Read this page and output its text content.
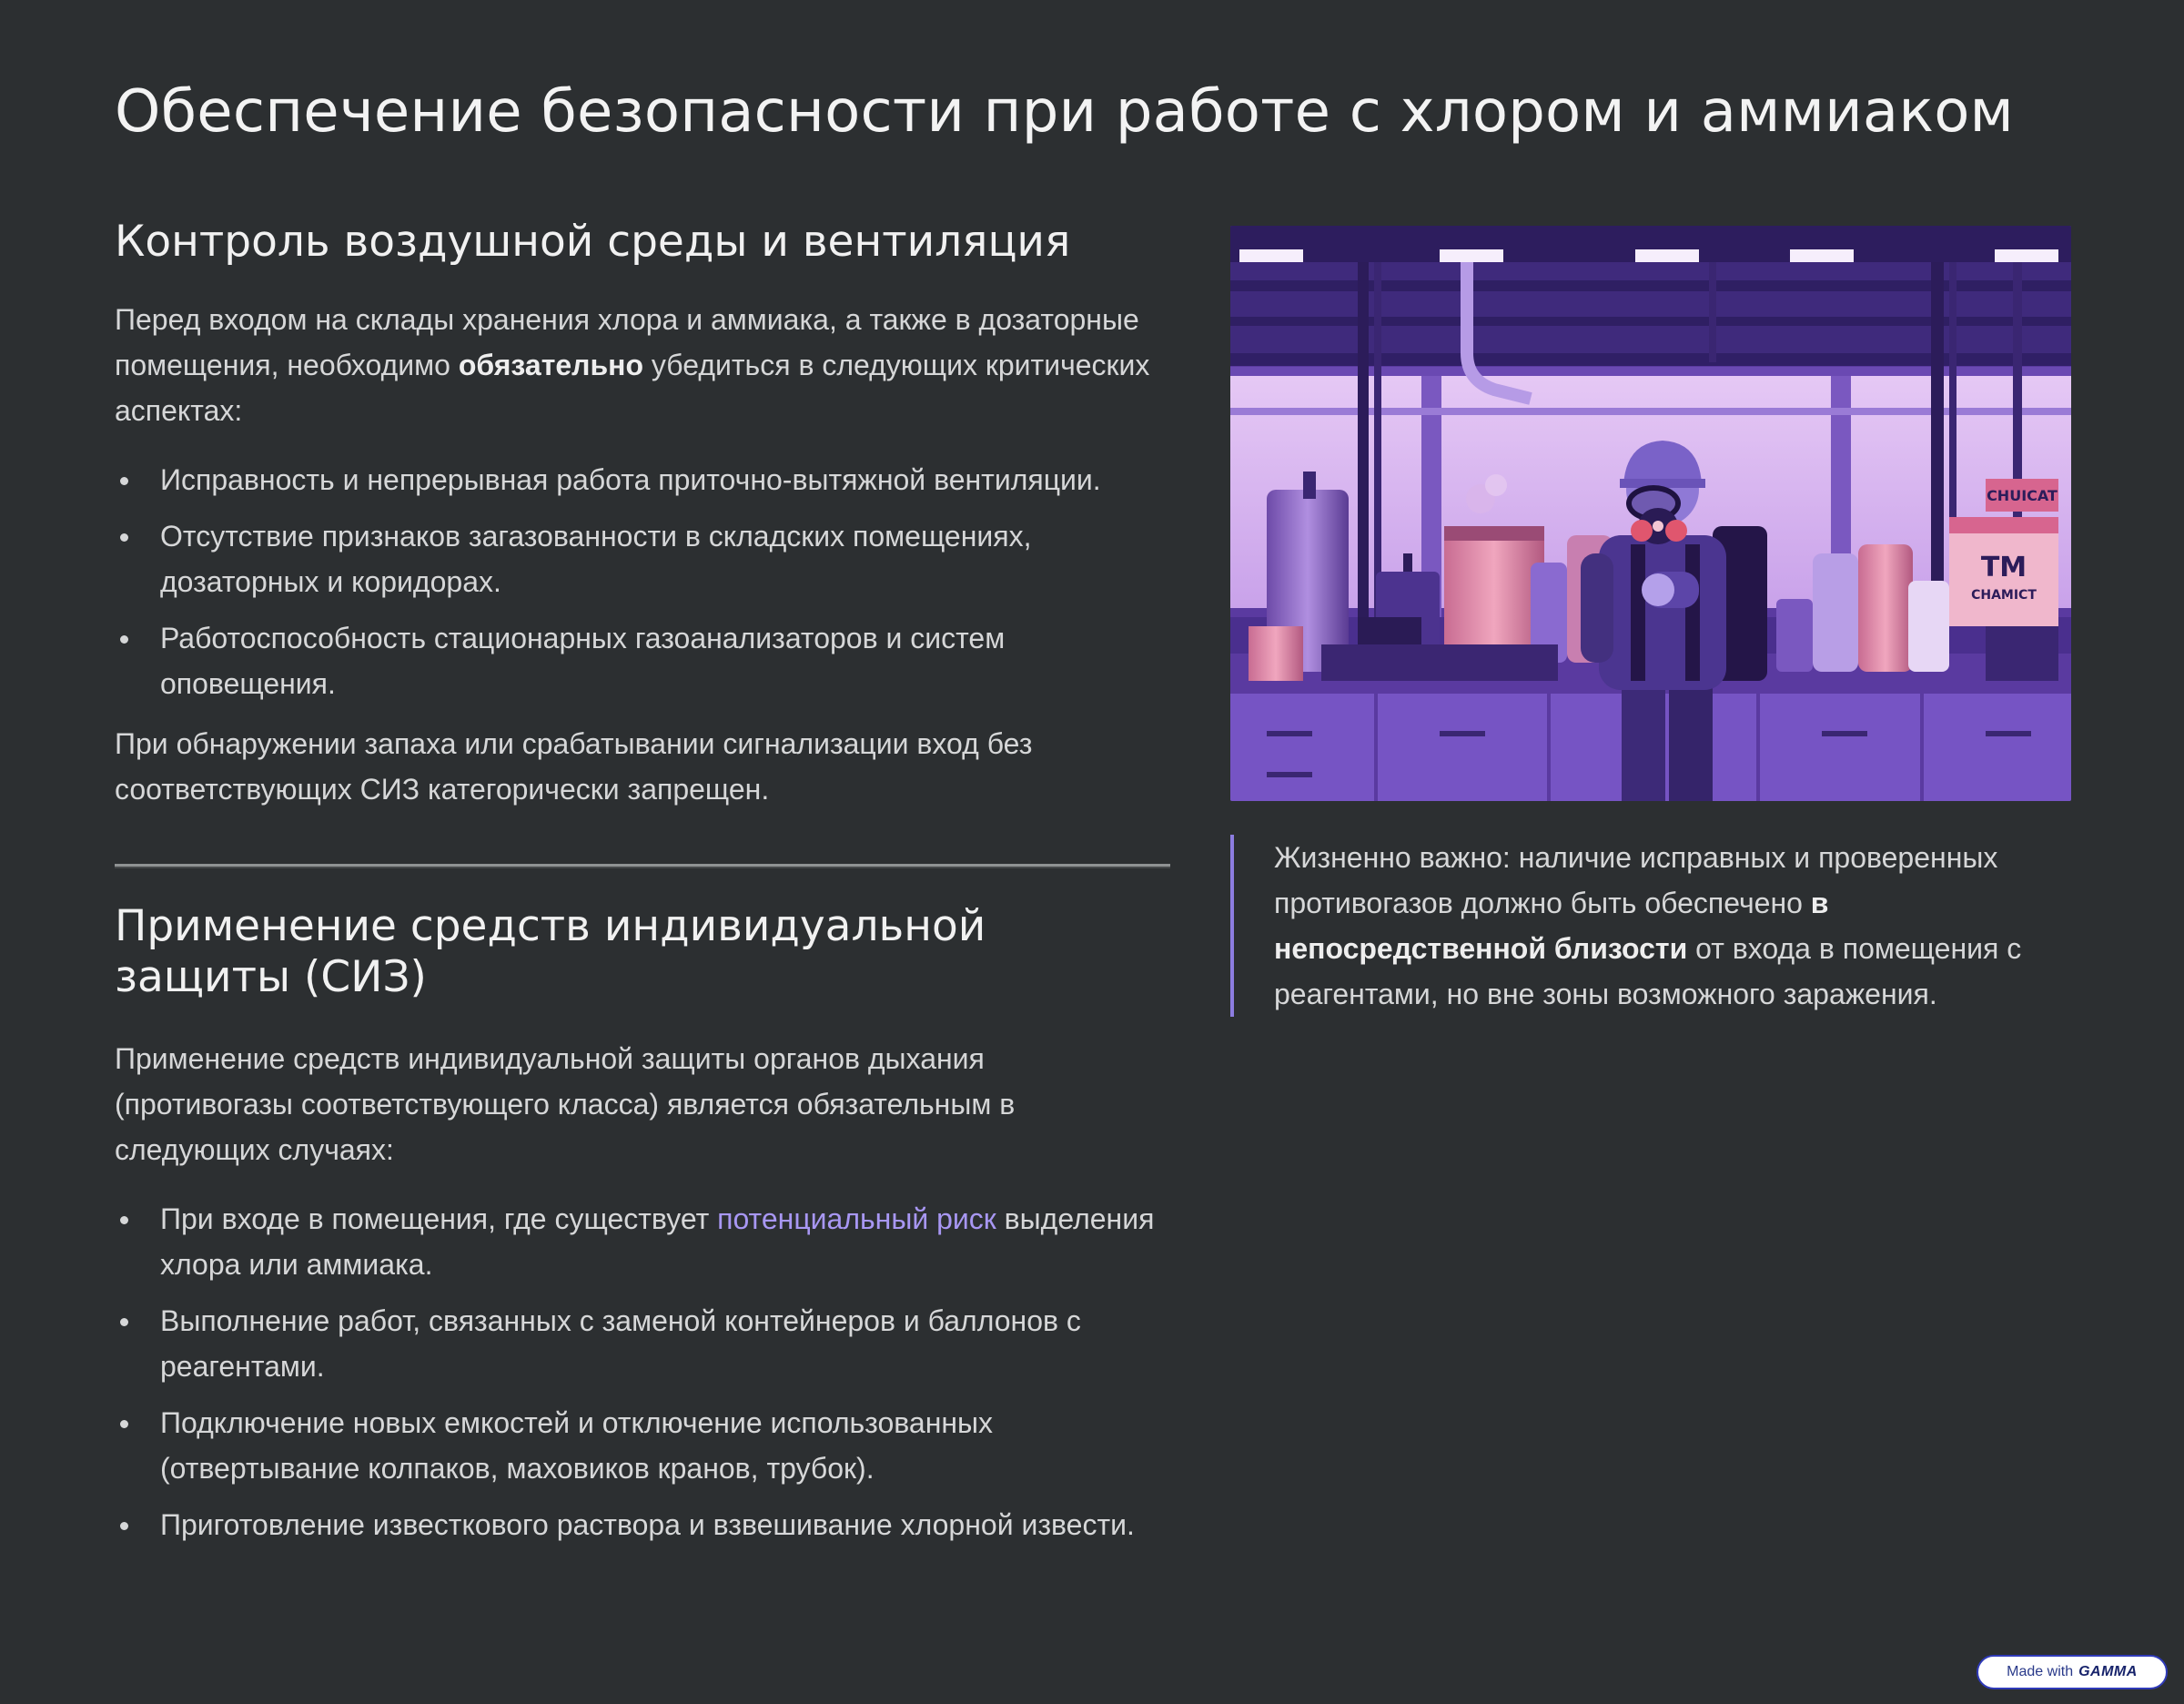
Обеспечение безопасности при работе с хлором и аммиаком
Контроль воздушной среды и вентиляция

Перед входом на склады хранения хлора и аммиака, а также в дозаторные помещения, необходимо обязательно убедиться в следующих критических аспектах:

Исправность и непрерывная работа приточно-вытяжной вентиляции.
Отсутствие признаков загазованности в складских помещениях, дозаторных и коридорах.
Работоспособность стационарных газоанализаторов и систем оповещения.

При обнаружении запаха или срабатывании сигнализации вход без соответствующих СИЗ категорически запрещен.

Применение средств индивидуальной защиты (СИЗ)

Применение средств индивидуальной защиты органов дыхания (противогазы соответствующего класса) является обязательным в следующих случаях:

При входе в помещения, где существует потенциальный риск выделения хлора или аммиака.
Выполнение работ, связанных с заменой контейнеров и баллонов с реагентами.
Подключение новых емкостей и отключение использованных (отвертывание колпаков, маховиков кранов, трубок).
Приготовление известкового раствора и взвешивание хлорной извести.
CHUICAT
TM
CHAMICT
Жизненно важно: наличие исправных и проверенных противогазов должно быть обеспечено в непосредственной близости от входа в помещения с реагентами, но вне зоны возможного заражения.
Made with GAMMA
